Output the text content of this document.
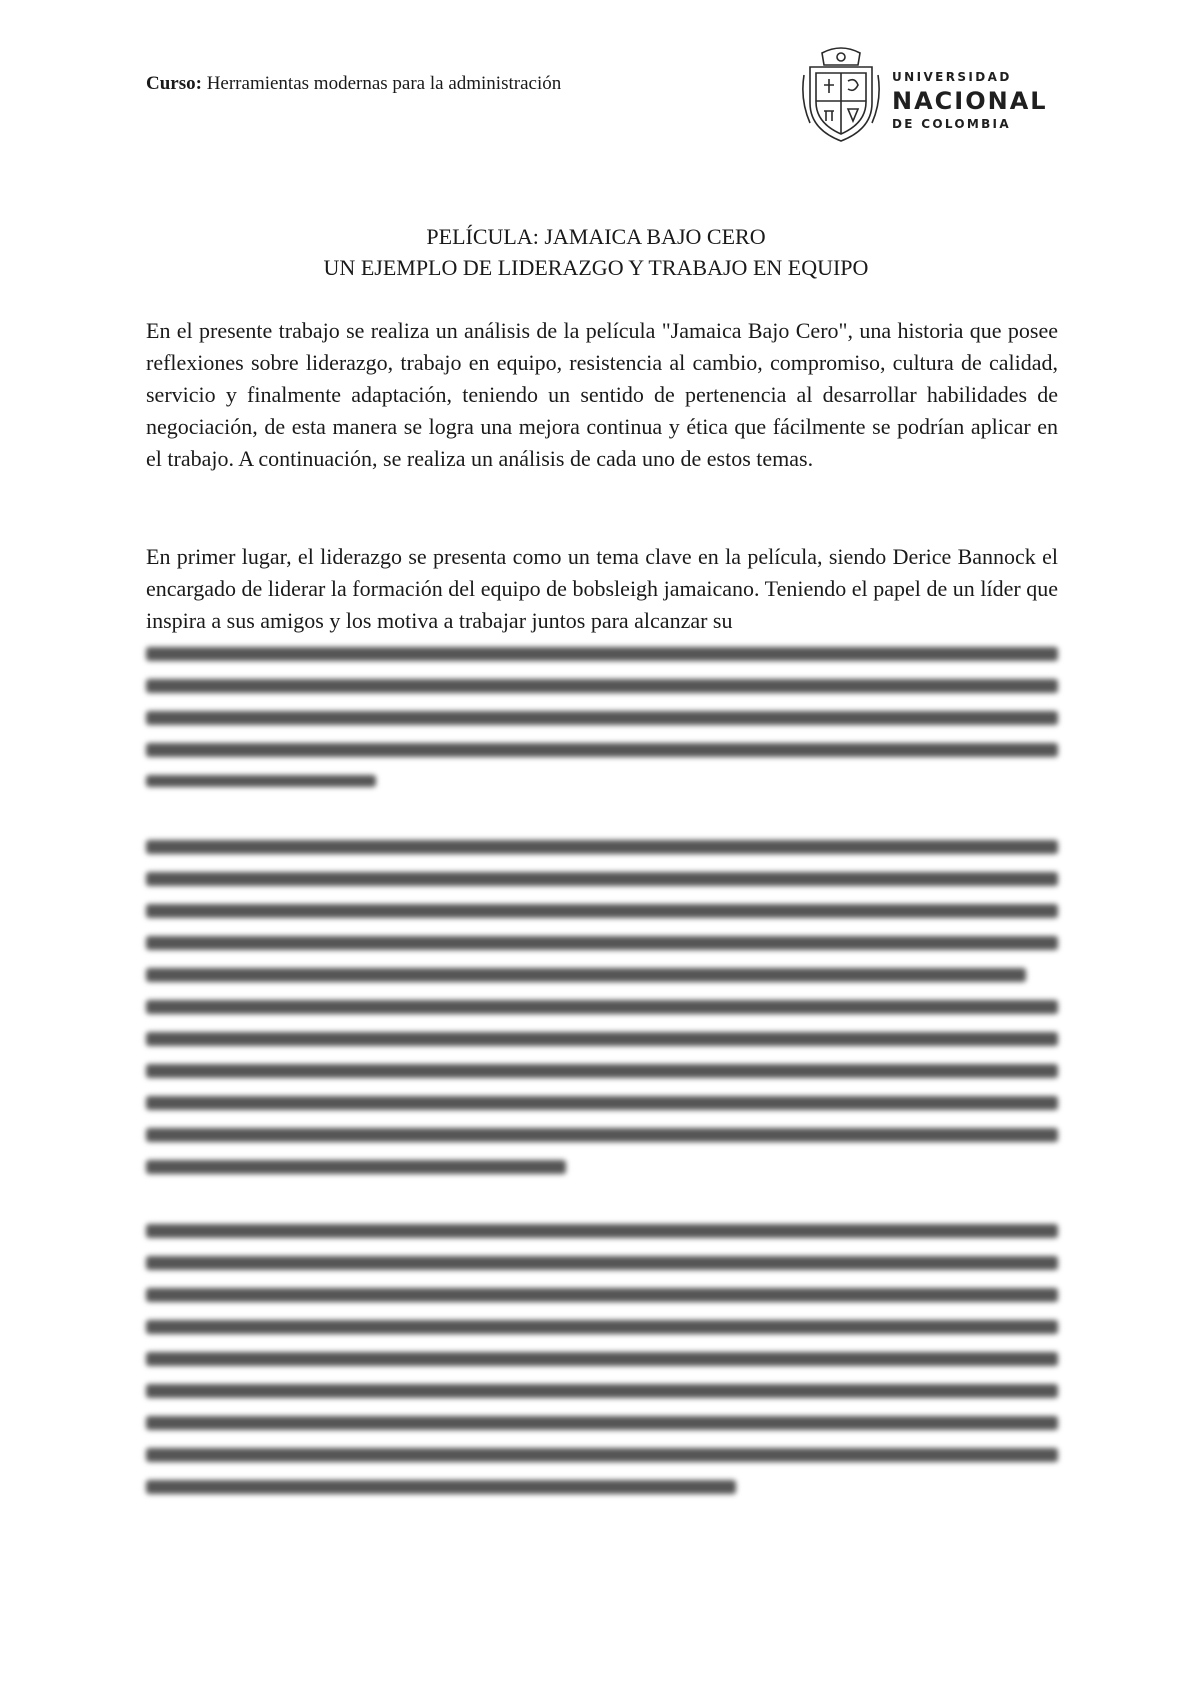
Curso: Herramientas modernas para la administración	UNIVERSIDAD
NACIONAL
DE COLOMBIA
PELÍCULA: JAMAICA BAJO CERO
UN EJEMPLO DE LIDERAZGO Y TRABAJO EN EQUIPO

En el presente trabajo se realiza un análisis de la película "Jamaica Bajo Cero", una historia que posee reflexiones sobre liderazgo, trabajo en equipo, resistencia al cambio, compromiso, cultura de calidad, servicio y finalmente adaptación, teniendo un sentido de pertenencia al desarrollar habilidades de negociación, de esta manera se logra una mejora continua y ética que fácilmente se podrían aplicar en el trabajo. A continuación, se realiza un análisis de cada uno de estos temas.

En primer lugar, el liderazgo se presenta como un tema clave en la película, siendo Derice Bannock el encargado de liderar la formación del equipo de bobsleigh jamaicano. Teniendo el papel de un líder que inspira a sus amigos y los motiva a trabajar juntos para alcanzar su
